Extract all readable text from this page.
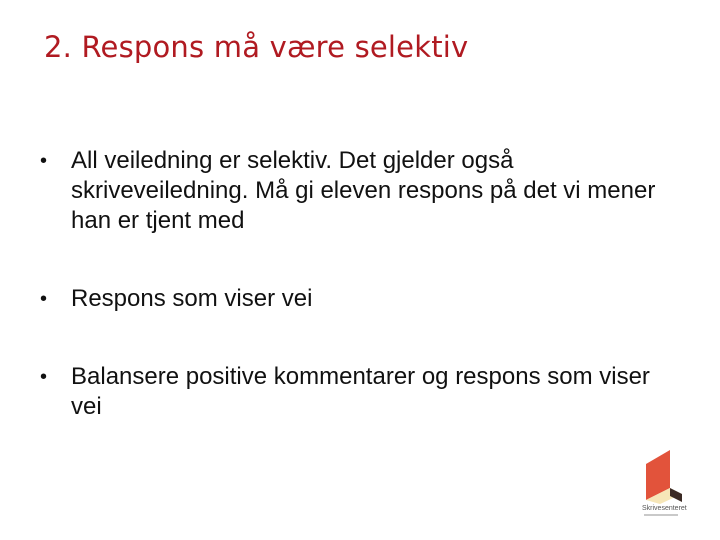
2. Respons må være selektiv
• All veiledning er selektiv. Det gjelder også skriveveiledning. Må gi eleven respons på det vi mener han er tjent med
• Respons som viser vei
• Balansere positive kommentarer og respons som viser vei
Skrivesenteret
